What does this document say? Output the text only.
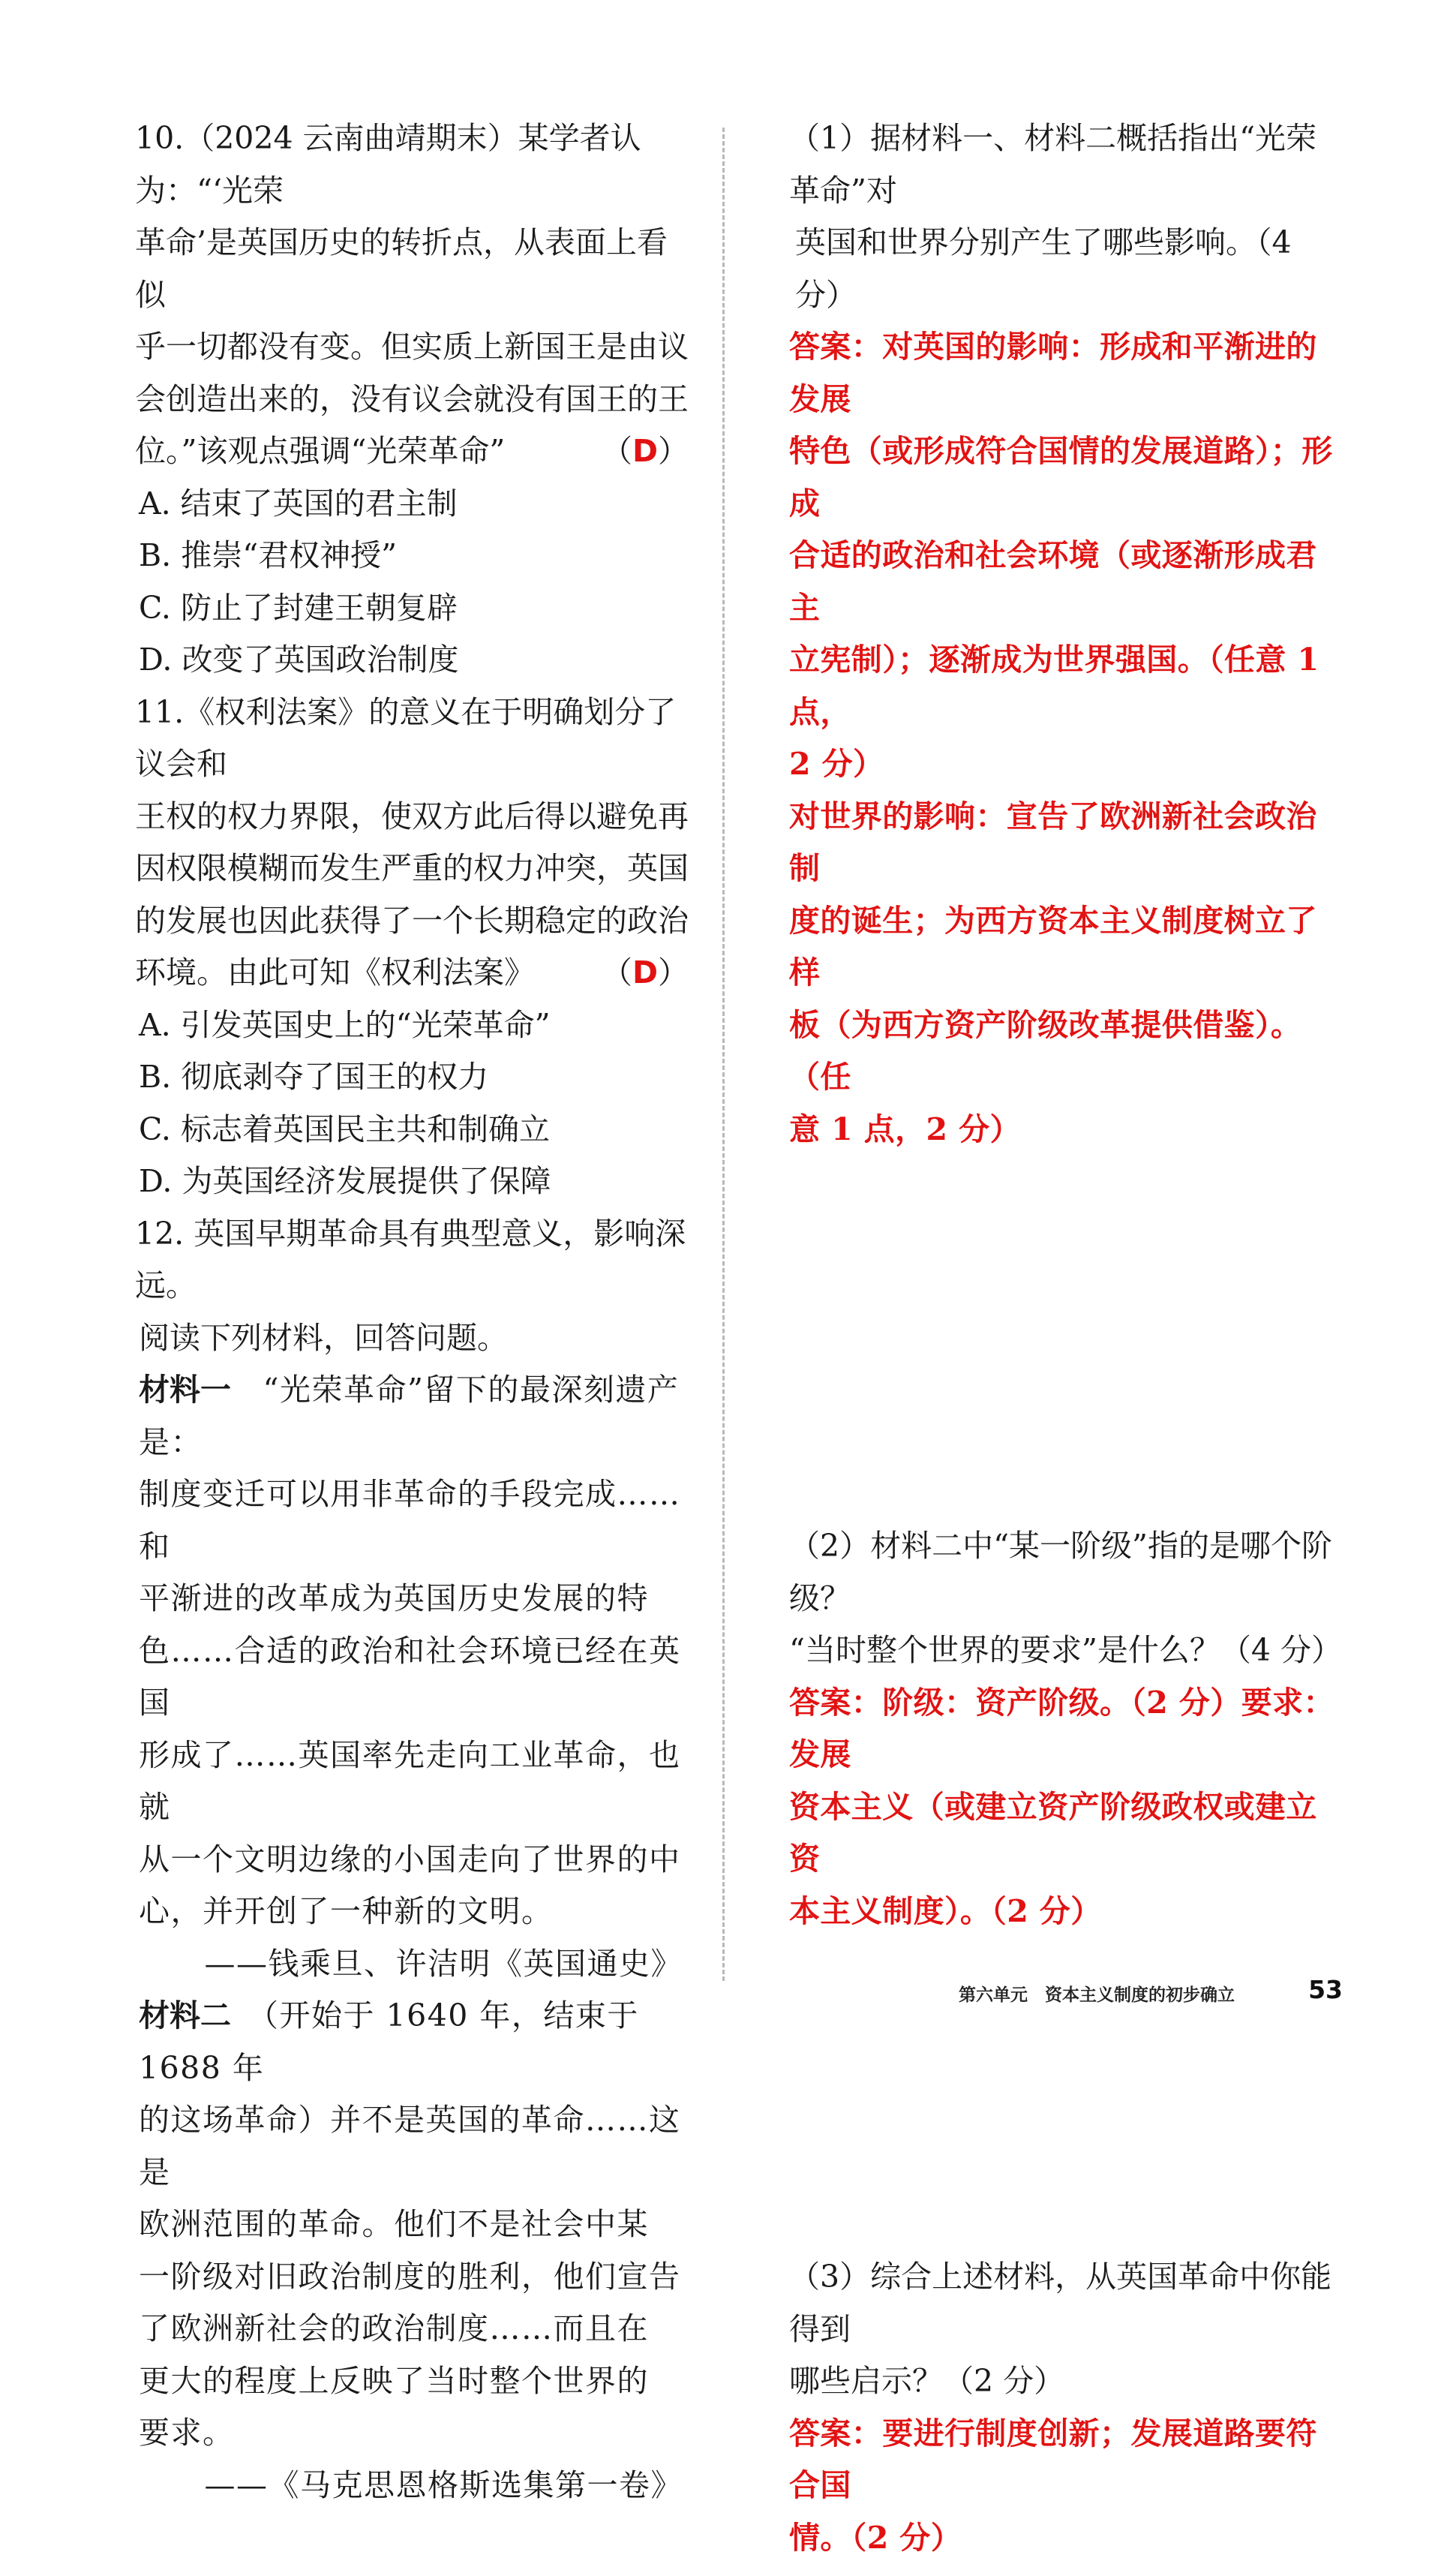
10.（2024 云南曲靖期末）某学者认为：“‘光荣

革命’是英国历史的转折点，从表面上看似

乎一切都没有变。但实质上新国王是由议

会创造出来的，没有议会就没有国王的王

位。”该观点强调“光荣革命”	（D）

A. 结束了英国的君主制

B. 推崇“君权神授”

C. 防止了封建王朝复辟

D. 改变了英国政治制度

11.《权利法案》的意义在于明确划分了议会和

王权的权力界限，使双方此后得以避免再

因权限模糊而发生严重的权力冲突，英国

的发展也因此获得了一个长期稳定的政治

环境。由此可知《权利法案》 （D）

A. 引发英国史上的“光荣革命”

B. 彻底剥夺了国王的权力

C. 标志着英国民主共和制确立

D. 为英国经济发展提供了保障

12. 英国早期革命具有典型意义，影响深远。

阅读下列材料，回答问题。

材料一　“光荣革命”留下的最深刻遗产是：

制度变迁可以用非革命的手段完成……和

平渐进的改革成为英国历史发展的特

色……合适的政治和社会环境已经在英国

形成了……英国率先走向工业革命，也就

从一个文明边缘的小国走向了世界的中

心，并开创了一种新的文明。

——钱乘旦、许洁明《英国通史》

材料二　 （开始于 1640 年，结束于 1688 年

的这场革命）并不是英国的革命……这是

欧洲范围的革命。他们不是社会中某

一阶级对旧政治制度的胜利，他们宣告

了欧洲新社会的政治制度……而且在

更大的程度上反映了当时整个世界的

要求。

——《马克思恩格斯选集第一卷》

（1）据材料一、材料二概括指出“光荣革命”对

英国和世界分别产生了哪些影响。（4 分）

答案：对英国的影响：形成和平渐进的发展

特色（或形成符合国情的发展道路）；形成

合适的政治和社会环境（或逐渐形成君主

立宪制）；逐渐成为世界强国。（任意 1 点，

2 分）

对世界的影响：宣告了欧洲新社会政治制

度的诞生；为西方资本主义制度树立了样

板（为西方资产阶级改革提供借鉴）。（任

意 1 点，2 分）

（2）材料二中“某一阶级”指的是哪个阶级？

“当时整个世界的要求”是什么？（4 分）

答案：阶级：资产阶级。（2 分）要求：发展

资本主义（或建立资产阶级政权或建立资

本主义制度）。（2 分）

（3）综合上述材料，从英国革命中你能得到

哪些启示？（2 分）

答案：要进行制度创新；发展道路要符合国

情。（2 分）

第六单元　资本主义制度的初步确立	53
